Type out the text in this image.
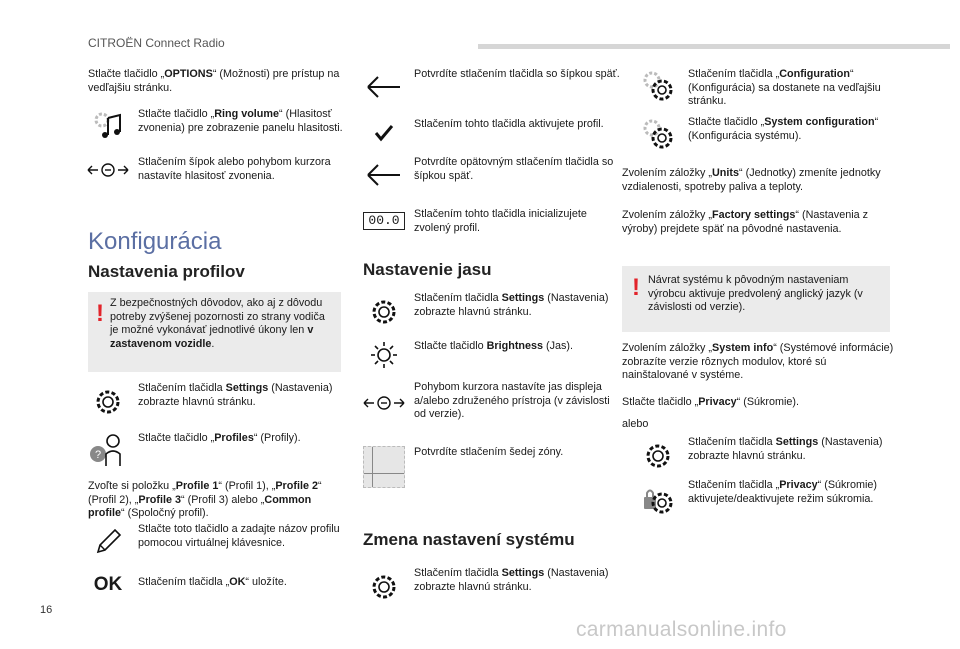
CITROËN Connect Radio
Stlačte tlačidlo „OPTIONS“ (Možnosti) pre prístup na vedľajšiu stránku.
Stlačte tlačidlo „Ring volume“ (Hlasitosť zvonenia) pre zobrazenie panelu hlasitosti.
Stlačením šípok alebo pohybom kurzora nastavíte hlasitosť zvonenia.
Konfigurácia
Nastavenia profilov
! Z bezpečnostných dôvodov, ako aj z dôvodu potreby zvýšenej pozornosti zo strany vodiča je možné vykonávať jednotlivé úkony len v zastavenom vozidle.
Stlačením tlačidla Settings (Nastavenia) zobrazte hlavnú stránku.
?
Stlačte tlačidlo „Profiles“ (Profily).
Zvoľte si položku „Profile 1“ (Profil 1), „Profile 2“ (Profil 2), „Profile 3“ (Profil 3) alebo „Common profile“ (Spoločný profil).
Stlačte toto tlačidlo a zadajte názov profilu pomocou virtuálnej klávesnice.
OK	Stlačením tlačidla „OK“ uložíte.
Potvrdíte stlačením tlačidla so šípkou späť.
Stlačením tohto tlačidla aktivujete profil.
Potvrdíte opätovným stlačením tlačidla so šípkou späť.
00.0	Stlačením tohto tlačidla inicializujete zvolený profil.
Nastavenie jasu
Stlačením tlačidla Settings (Nastavenia) zobrazte hlavnú stránku.
Stlačte tlačidlo Brightness (Jas).
Pohybom kurzora nastavíte jas displeja a/alebo združeného prístroja (v závislosti od verzie).
Potvrdíte stlačením šedej zóny.
Zmena nastavení systému
Stlačením tlačidla Settings (Nastavenia) zobrazte hlavnú stránku.
Stlačením tlačidla „Configuration“ (Konfigurácia) sa dostanete na vedľajšiu stránku.
Stlačte tlačidlo „System configuration“ (Konfigurácia systému).
Zvolením záložky „Units“ (Jednotky) zmeníte jednotky vzdialenosti, spotreby paliva a teploty.
Zvolením záložky „Factory settings“ (Nastavenia z výroby) prejdete späť na pôvodné nastavenia.
! Návrat systému k pôvodným nastaveniam výrobcu aktivuje predvolený anglický jazyk (v závislosti od verzie).
Zvolením záložky „System info“ (Systémové informácie) zobrazíte verzie rôznych modulov, ktoré sú nainštalované v systéme.
Stlačte tlačidlo „Privacy“ (Súkromie).
alebo
Stlačením tlačidla Settings (Nastavenia) zobrazte hlavnú stránku.
Stlačením tlačidla „Privacy“ (Súkromie) aktivujete/deaktivujete režim súkromia.
16
carmanualsonline.info
